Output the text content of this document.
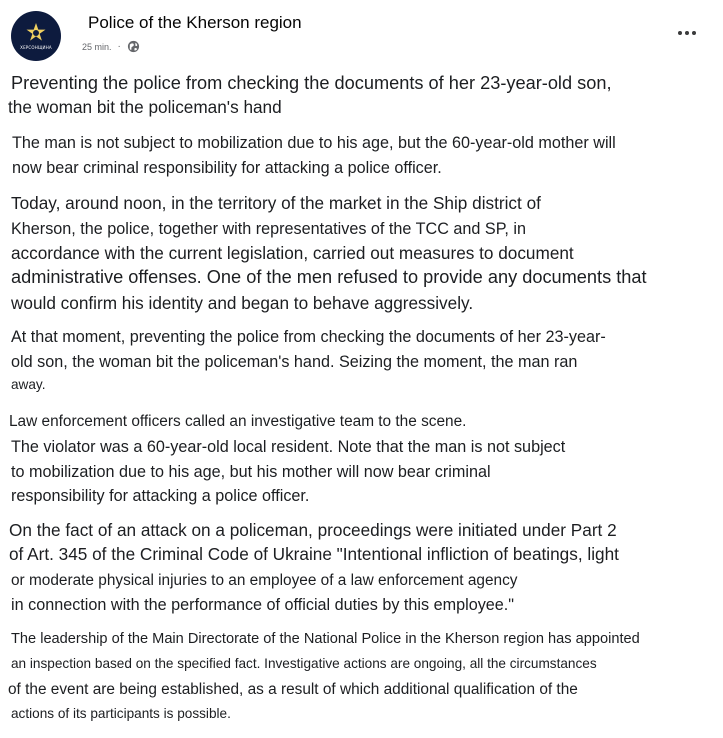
ХЕРСОНЩИНА
Police of the Kherson region
25 min. ·
Preventing the police from checking the documents of her 23-year-old son,
the woman bit the policeman's hand
The man is not subject to mobilization due to his age, but the 60-year-old mother will
now bear criminal responsibility for attacking a police officer.
Today, around noon, in the territory of the market in the Ship district of
Kherson, the police, together with representatives of the TCC and SP, in
accordance with the current legislation, carried out measures to document
administrative offenses. One of the men refused to provide any documents that
would confirm his identity and began to behave aggressively.
At that moment, preventing the police from checking the documents of her 23-year-
old son, the woman bit the policeman's hand. Seizing the moment, the man ran
away.
Law enforcement officers called an investigative team to the scene.
The violator was a 60-year-old local resident. Note that the man is not subject
to mobilization due to his age, but his mother will now bear criminal
responsibility for attacking a police officer.
On the fact of an attack on a policeman, proceedings were initiated under Part 2
of Art. 345 of the Criminal Code of Ukraine "Intentional infliction of beatings, light
or moderate physical injuries to an employee of a law enforcement agency
in connection with the performance of official duties by this employee."
The leadership of the Main Directorate of the National Police in the Kherson region has appointed
an inspection based on the specified fact. Investigative actions are ongoing, all the circumstances
of the event are being established, as a result of which additional qualification of the
actions of its participants is possible.
